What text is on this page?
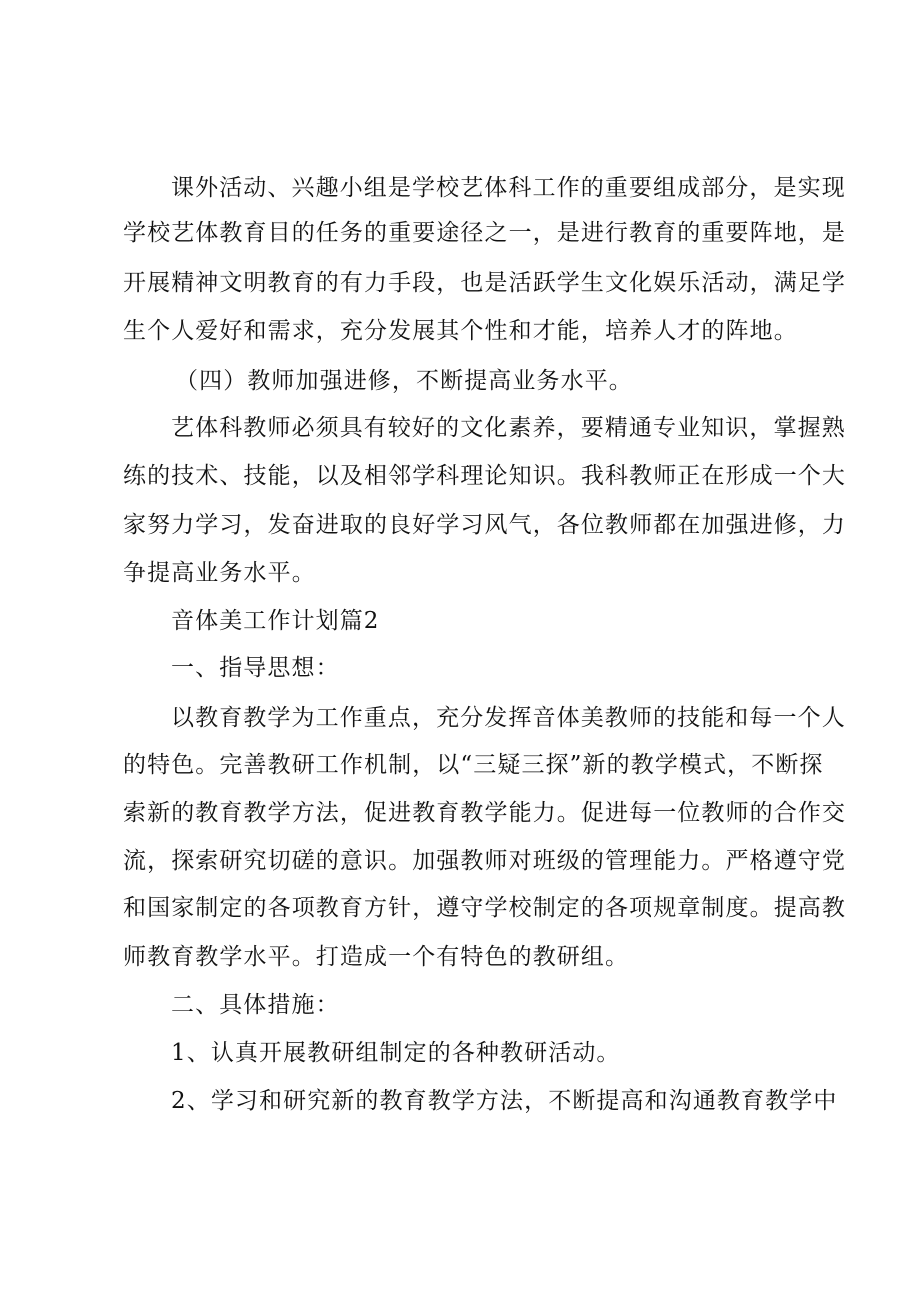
课外活动、兴趣小组是学校艺体科工作的重要组成部分，是实现
学校艺体教育目的任务的重要途径之一，是进行教育的重要阵地，是
开展精神文明教育的有力手段，也是活跃学生文化娱乐活动，满足学
生个人爱好和需求，充分发展其个性和才能，培养人才的阵地。
（四）教师加强进修，不断提高业务水平。
艺体科教师必须具有较好的文化素养，要精通专业知识，掌握熟
练的技术、技能，以及相邻学科理论知识。我科教师正在形成一个大
家努力学习，发奋进取的良好学习风气，各位教师都在加强进修，力
争提高业务水平。
音体美工作计划篇2
一、指导思想：
以教育教学为工作重点，充分发挥音体美教师的技能和每一个人
的特色。完善教研工作机制，以“三疑三探”新的教学模式，不断探
索新的教育教学方法，促进教育教学能力。促进每一位教师的合作交
流，探索研究切磋的意识。加强教师对班级的管理能力。严格遵守党
和国家制定的各项教育方针，遵守学校制定的各项规章制度。提高教
师教育教学水平。打造成一个有特色的教研组。
二、具体措施：
1、认真开展教研组制定的各种教研活动。
2、学习和研究新的教育教学方法，不断提高和沟通教育教学中
